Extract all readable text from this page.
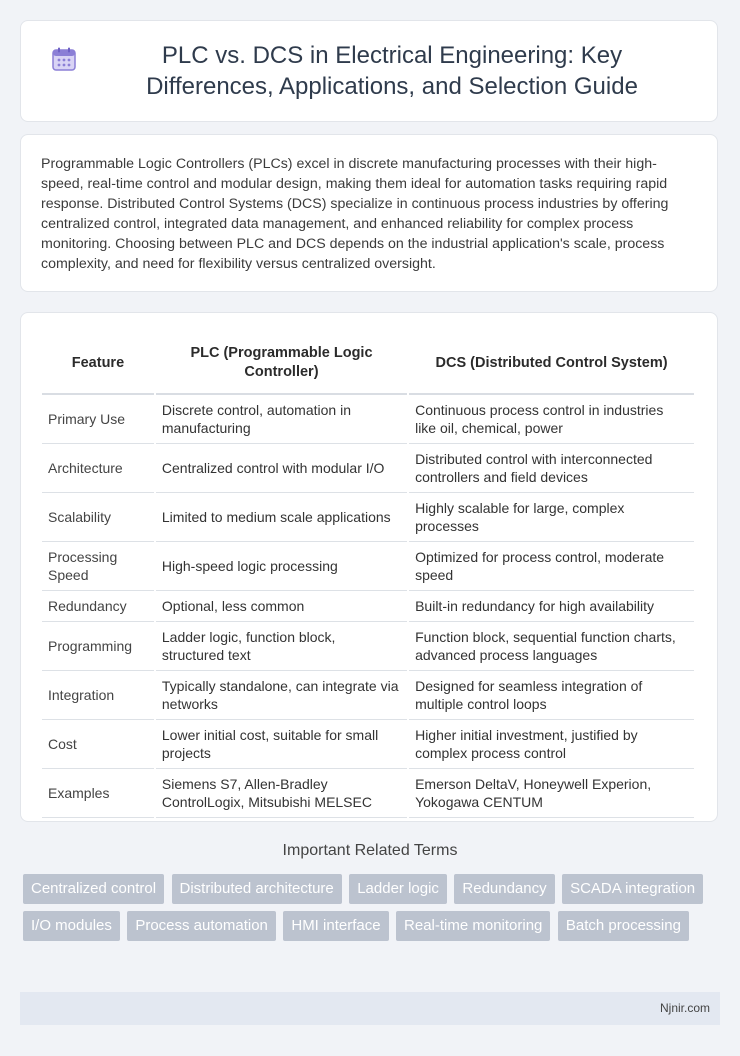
PLC vs. DCS in Electrical Engineering: Key Differences, Applications, and Selection Guide

Programmable Logic Controllers (PLCs) excel in discrete manufacturing processes with their high-speed, real-time control and modular design, making them ideal for automation tasks requiring rapid response. Distributed Control Systems (DCS) specialize in continuous process industries by offering centralized control, integrated data management, and enhanced reliability for complex process monitoring. Choosing between PLC and DCS depends on the industrial application's scale, process complexity, and need for flexibility versus centralized oversight.

Feature	PLC (Programmable Logic Controller)	DCS (Distributed Control System)
Primary Use	Discrete control, automation in manufacturing	Continuous process control in industries like oil, chemical, power
Architecture	Centralized control with modular I/O	Distributed control with interconnected controllers and field devices
Scalability	Limited to medium scale applications	Highly scalable for large, complex processes
Processing Speed	High-speed logic processing	Optimized for process control, moderate speed
Redundancy	Optional, less common	Built-in redundancy for high availability
Programming	Ladder logic, function block, structured text	Function block, sequential function charts, advanced process languages
Integration	Typically standalone, can integrate via networks	Designed for seamless integration of multiple control loops
Cost	Lower initial cost, suitable for small projects	Higher initial investment, justified by complex process control
Examples	Siemens S7, Allen-Bradley ControlLogix, Mitsubishi MELSEC	Emerson DeltaV, Honeywell Experion, Yokogawa CENTUM
Important Related Terms
Centralized control Distributed architecture Ladder logic Redundancy SCADA integration I/O modules Process automation HMI interface Real-time monitoring Batch processing
Njnir.com
